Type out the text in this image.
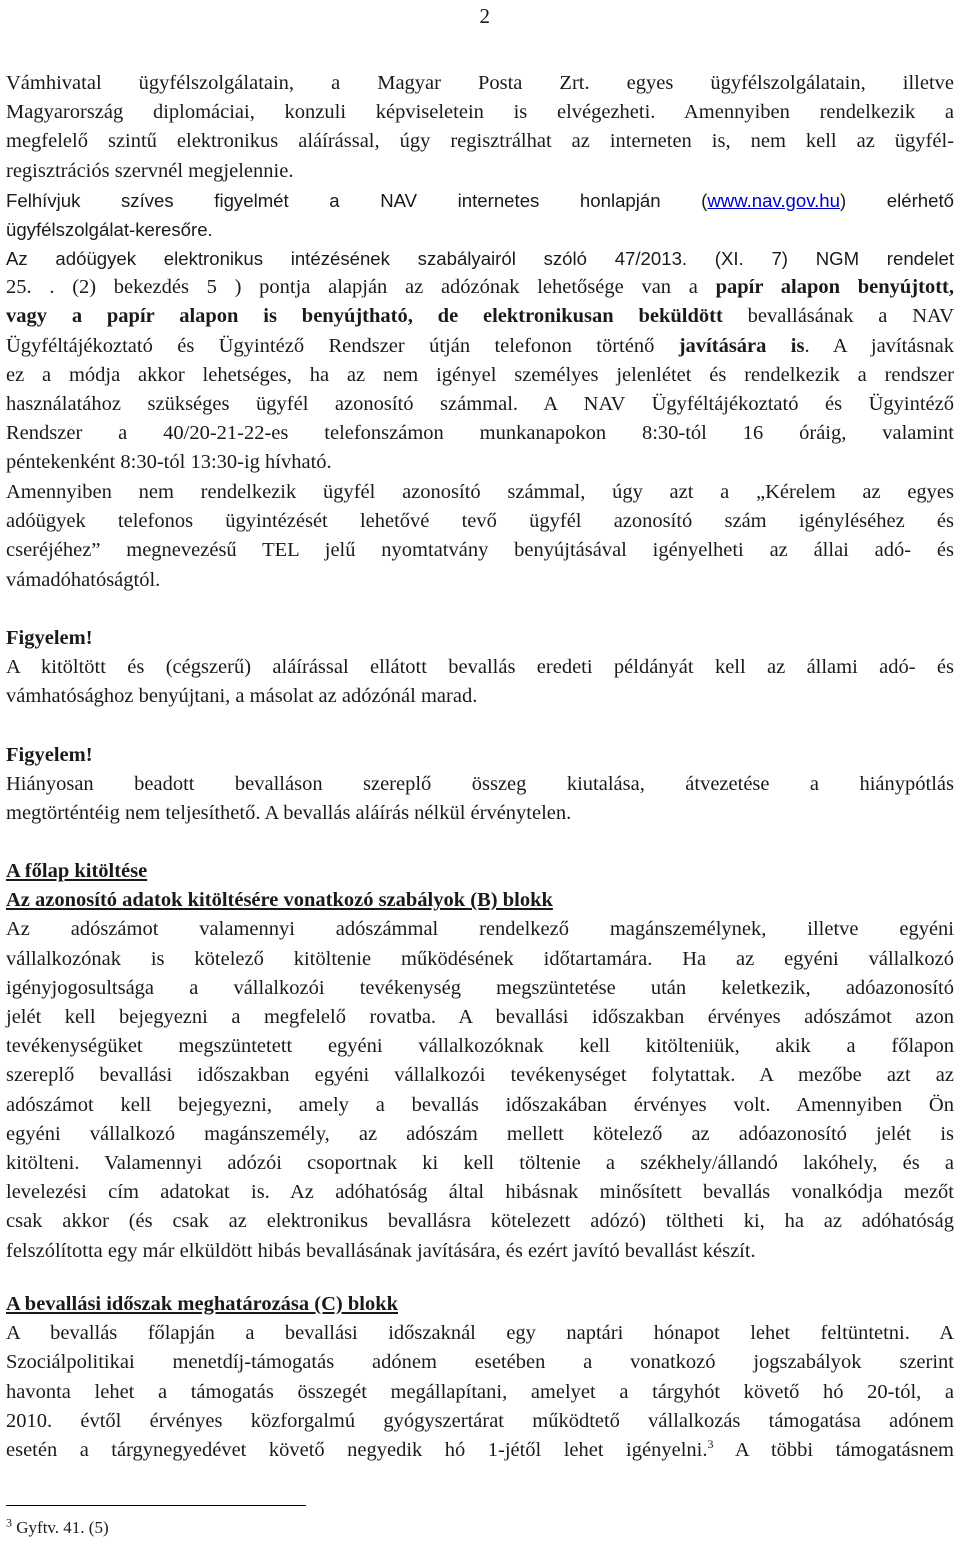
2
Vámhivatal ügyfélszolgálatain, a Magyar Posta Zrt. egyes ügyfélszolgálatain, illetve
Magyarország diplomáciai, konzuli képviseletein is elvégezheti. Amennyiben rendelkezik a
megfelelő szintű elektronikus aláírással, úgy regisztrálhat az interneten is, nem kell az ügyfél-
regisztrációs szervnél megjelennie.
Felhívjuk szíves figyelmét a NAV internetes honlapján (www.nav.gov.hu) elérhető
ügyfélszolgálat-keresőre.
Az adóügyek elektronikus intézésének szabályairól szóló 47/2013. (XI. 7) NGM rendelet
25. . (2) bekezdés 5 ) pontja alapján az adózónak lehetősége van a papír alapon benyújtott,
vagy a papír alapon is benyújtható, de elektronikusan beküldött bevallásának a NAV
Ügyféltájékoztató és Ügyintéző Rendszer útján telefonon történő javítására is. A javításnak
ez a módja akkor lehetséges, ha az nem igényel személyes jelenlétet és rendelkezik a rendszer
használatához szükséges ügyfél azonosító számmal. A NAV Ügyféltájékoztató és Ügyintéző
Rendszer a 40/20-21-22-es telefonszámon munkanapokon 8:30-tól 16 óráig, valamint
péntekenként 8:30-tól 13:30-ig hívható.
Amennyiben nem rendelkezik ügyfél azonosító számmal, úgy azt a „Kérelem az egyes
adóügyek telefonos ügyintézését lehetővé tevő ügyfél azonosító szám igényléséhez és
cseréjéhez” megnevezésű TEL jelű nyomtatvány benyújtásával igényelheti az állai adó- és
vámadóhatóságtól.
Figyelem!
A kitöltött és (cégszerű) aláírással ellátott bevallás eredeti példányát kell az állami adó- és
vámhatósághoz benyújtani, a másolat az adózónál marad.
Figyelem!
Hiányosan beadott bevalláson szereplő összeg kiutalása, átvezetése a hiánypótlás
megtörténtéig nem teljesíthető. A bevallás aláírás nélkül érvénytelen.
A főlap kitöltése
Az azonosító adatok kitöltésére vonatkozó szabályok (B) blokk
Az adószámot valamennyi adószámmal rendelkező magánszemélynek, illetve egyéni
vállalkozónak is kötelező kitöltenie működésének időtartamára. Ha az egyéni vállalkozó
igényjogosultsága a vállalkozói tevékenység megszüntetése után keletkezik, adóazonosító
jelét kell bejegyezni a megfelelő rovatba. A bevallási időszakban érvényes adószámot azon
tevékenységüket megszüntetett egyéni vállalkozóknak kell kitölteniük, akik a főlapon
szereplő bevallási időszakban egyéni vállalkozói tevékenységet folytattak. A mezőbe azt az
adószámot kell bejegyezni, amely a bevallás időszakában érvényes volt. Amennyiben Ön
egyéni vállalkozó magánszemély, az adószám mellett kötelező az adóazonosító jelét is
kitölteni. Valamennyi adózói csoportnak ki kell töltenie a székhely/állandó lakóhely, és a
levelezési cím adatokat is. Az adóhatóság által hibásnak minősített bevallás vonalkódja mezőt
csak akkor (és csak az elektronikus bevallásra kötelezett adózó) töltheti ki, ha az adóhatóság
felszólította egy már elküldött hibás bevallásának javítására, és ezért javító bevallást készít.
A bevallási időszak meghatározása (C) blokk
A bevallás főlapján a bevallási időszaknál egy naptári hónapot lehet feltüntetni. A
Szociálpolitikai menetdíj-támogatás adónem esetében a vonatkozó jogszabályok szerint
havonta lehet a támogatás összegét megállapítani, amelyet a tárgyhót követő hó 20-tól, a
2010. évtől érvényes közforgalmú gyógyszertárat működtető vállalkozás támogatása adónem
esetén a tárgynegyedévet követő negyedik hó 1-jétől lehet igényelni.$^3$ A többi támogatásnem
$^3$ Gyftv. 41. (5)
